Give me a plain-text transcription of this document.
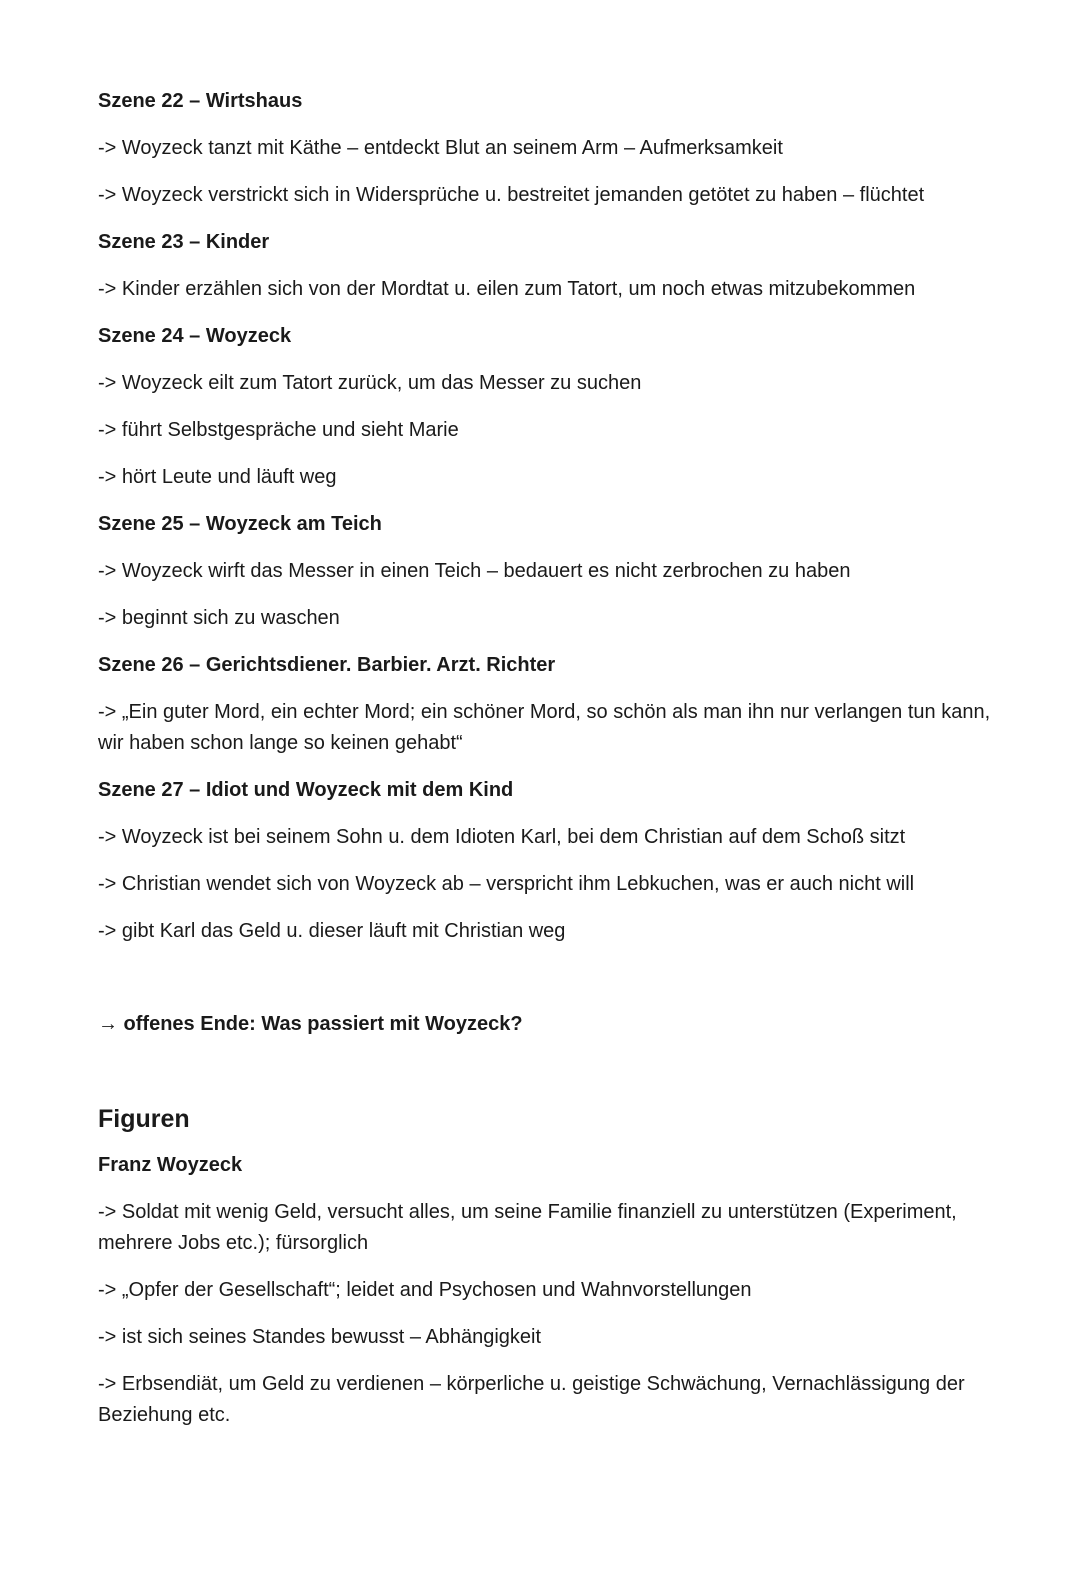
Szene 22 – Wirtshaus
-> Woyzeck tanzt mit Käthe – entdeckt Blut an seinem Arm – Aufmerksamkeit
-> Woyzeck verstrickt sich in Widersprüche u. bestreitet jemanden getötet zu haben – flüchtet
Szene 23 – Kinder
-> Kinder erzählen sich von der Mordtat u. eilen zum Tatort, um noch etwas mitzubekommen
Szene 24 – Woyzeck
-> Woyzeck eilt zum Tatort zurück, um das Messer zu suchen
-> führt Selbstgespräche und sieht Marie
-> hört Leute und läuft weg
Szene 25 – Woyzeck am Teich
-> Woyzeck wirft das Messer in einen Teich – bedauert es nicht zerbrochen zu haben
-> beginnt sich zu waschen
Szene 26 – Gerichtsdiener. Barbier. Arzt. Richter
-> „Ein guter Mord, ein echter Mord; ein schöner Mord, so schön als man ihn nur verlangen tun kann, wir haben schon lange so keinen gehabt“
Szene 27 – Idiot und Woyzeck mit dem Kind
-> Woyzeck ist bei seinem Sohn u. dem Idioten Karl, bei dem Christian auf dem Schoß sitzt
-> Christian wendet sich von Woyzeck ab – verspricht ihm Lebkuchen, was er auch nicht will
-> gibt Karl das Geld u. dieser läuft mit Christian weg
→ offenes Ende: Was passiert mit Woyzeck?
Figuren
Franz Woyzeck
-> Soldat mit wenig Geld, versucht alles, um seine Familie finanziell zu unterstützen (Experiment, mehrere Jobs etc.); fürsorglich
-> „Opfer der Gesellschaft“; leidet and Psychosen und Wahnvorstellungen
-> ist sich seines Standes bewusst – Abhängigkeit
-> Erbsendiät, um Geld zu verdienen – körperliche u. geistige Schwächung, Vernachlässigung der Beziehung etc.
